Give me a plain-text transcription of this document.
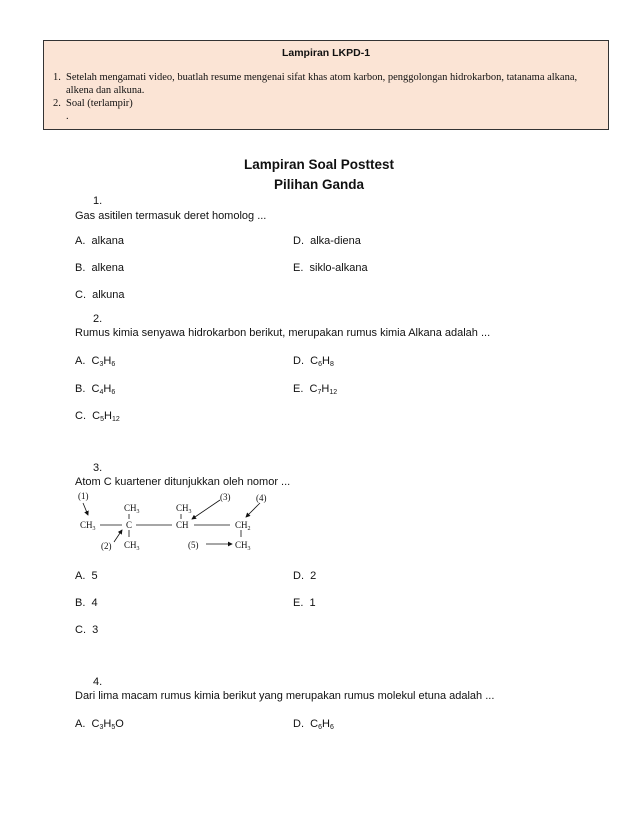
Lampiran LKPD-1
1. Setelah mengamati video, buatlah resume mengenai sifat khas atom karbon, penggolongan hidrokarbon, tatanama alkana, alkena dan alkuna.
2. Soal (terlampir)
.
Lampiran Soal Posttest
Pilihan Ganda
1.
Gas asitilen termasuk deret homolog ...
A.  alkana	D.  alka-diena
B.  alkena	E.  siklo-alkana
C.  alkuna
2.
Rumus kimia senyawa hidrokarbon berikut, merupakan rumus kimia Alkana adalah ...
A.  $C_3H_6$	D.  $C_6H_8$
B.  $C_4H_6$	E.  $C_7H_{12}$
C.  $C_5H_{12}$
3.
Atom C kuartener ditunjukkan oleh nomor ...
(1)
(2)
(3)	(4)
(5)
$CH_3$
$CH_3$	C
$CH_3$
$CH_3$
CH	$CH_2$
$CH_3$
A.  5	D.  2
B.  4	E.  1
C.  3
4.
Dari lima macam rumus kimia berikut yang merupakan rumus molekul etuna adalah ...
A.  $C_3H_5O$	D.  $C_6H_6$
